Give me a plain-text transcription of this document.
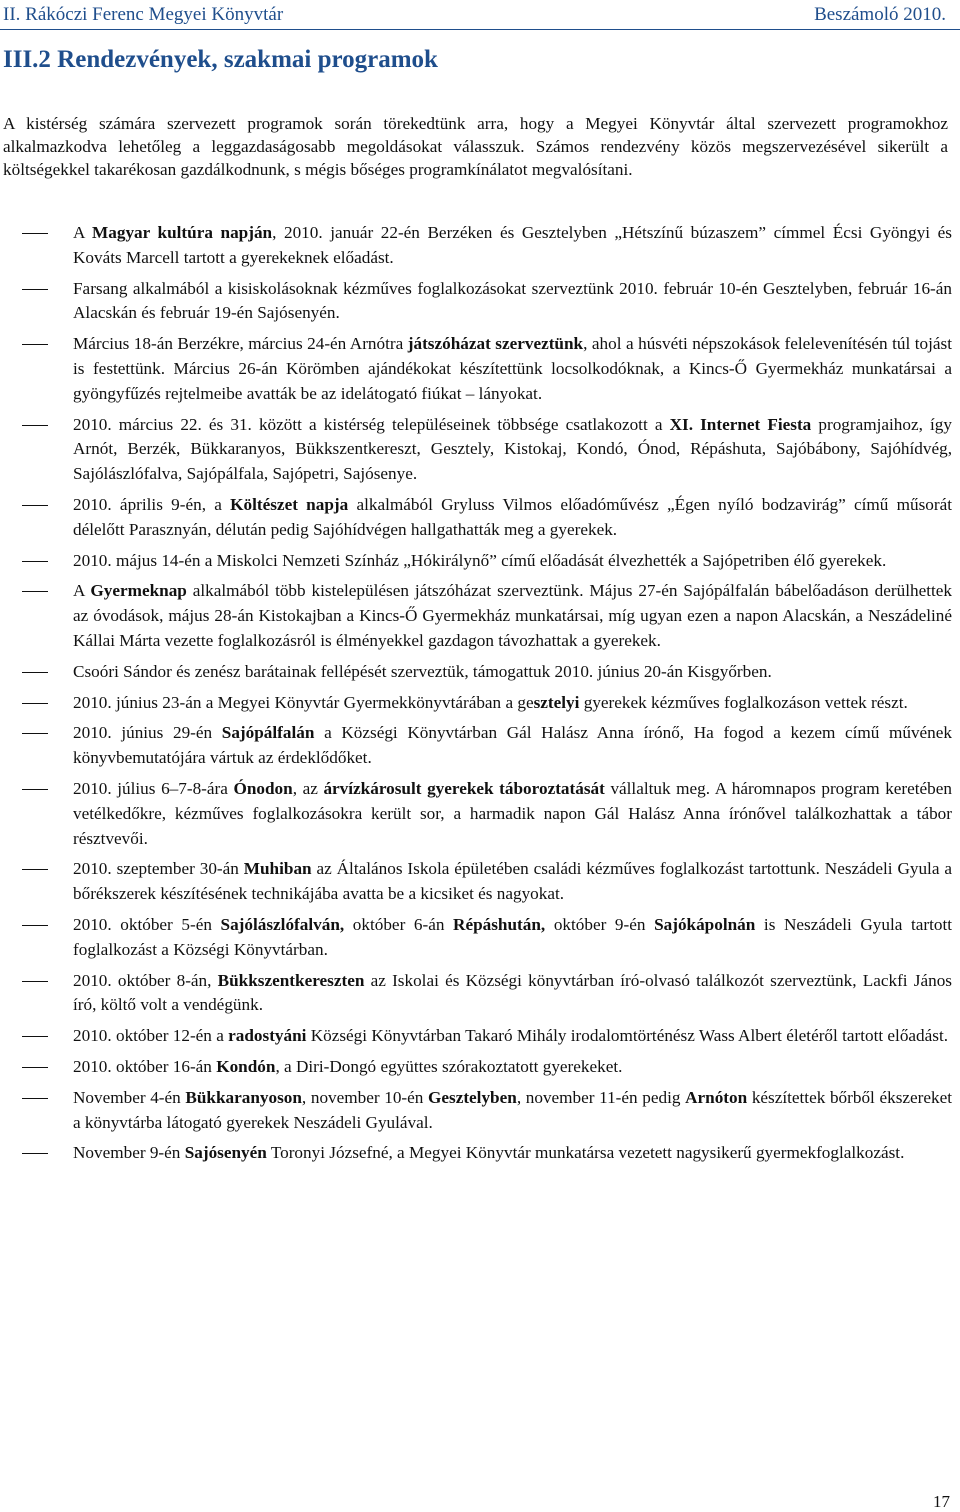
II. Rákóczi Ferenc Megyei Könyvtár	Beszámoló 2010.
III.2 Rendezvények, szakmai programok

A kistérség számára szervezett programok során törekedtünk arra, hogy a Megyei Könyvtár által szervezett programokhoz alkalmazkodva lehetőleg a leggazdaságosabb megoldásokat válasszuk. Számos rendezvény közös megszervezésével sikerült a költségekkel takarékosan gazdálkodnunk, s mégis bőséges programkínálatot megvalósítani.

A Magyar kultúra napján, 2010. január 22-én Berzéken és Gesztelyben „Hétszínű búzaszem” címmel Écsi Gyöngyi és Kováts Marcell tartott a gyerekeknek előadást.
Farsang alkalmából a kisiskolásoknak kézműves foglalkozásokat szerveztünk 2010. február 10-én Gesztelyben, február 16-án Alacskán és február 19-én Sajósenyén.
Március 18-án Berzékre, március 24-én Arnótra játszóházat szerveztünk, ahol a húsvéti népszokások felelevenítésén túl tojást is festettünk. Március 26-án Körömben ajándékokat készítettünk locsolkodóknak, a Kincs-Ő Gyermekház munkatársai a gyöngyfűzés rejtelmeibe avatták be az idelátogató fiúkat – lányokat.
2010. március 22. és 31. között a kistérség településeinek többsége csatlakozott a XI. Internet Fiesta programjaihoz, így Arnót, Berzék, Bükkaranyos, Bükkszentkereszt, Gesztely, Kistokaj, Kondó, Ónod, Répáshuta, Sajóbábony, Sajóhídvég, Sajólászlófalva, Sajópálfala, Sajópetri, Sajósenye.
2010. április 9-én, a Költészet napja alkalmából Gryluss Vilmos előadóművész „Égen nyíló bodzavirág” című műsorát délelőtt Parasznyán, délután pedig Sajóhídvégen hallgathatták meg a gyerekek.
2010. május 14-én a Miskolci Nemzeti Színház „Hókirálynő” című előadását élvezhették a Sajópetriben élő gyerekek.
A Gyermeknap alkalmából több kistelepülésen játszóházat szerveztünk. Május 27-én Sajópálfalán bábelőadáson derülhettek az óvodások, május 28-án Kistokajban a Kincs-Ő Gyermekház munkatársai, míg ugyan ezen a napon Alacskán, a Neszádeliné Kállai Márta vezette foglalkozásról is élményekkel gazdagon távozhattak a gyerekek.
Csoóri Sándor és zenész barátainak fellépését szerveztük, támogattuk 2010. június 20-án Kisgyőrben.
2010. június 23-án a Megyei Könyvtár Gyermekkönyvtárában a gesztelyi gyerekek kézműves foglalkozáson vettek részt.
2010. június 29-én Sajópálfalán a Községi Könyvtárban Gál Halász Anna írónő, Ha fogod a kezem című művének könyvbemutatójára vártuk az érdeklődőket.
2010. július 6–7-8-ára Ónodon, az árvízkárosult gyerekek táboroztatását vállaltuk meg. A háromnapos program keretében vetélkedőkre, kézműves foglalkozásokra került sor, a harmadik napon Gál Halász Anna írónővel találkozhattak a tábor résztvevői.
2010. szeptember 30-án Muhiban az Általános Iskola épületében családi kézműves foglalkozást tartottunk. Neszádeli Gyula a bőrékszerek készítésének technikájába avatta be a kicsiket és nagyokat.
2010. október 5-én Sajólászlófalván, október 6-án Répáshután, október 9-én Sajókápolnán is Neszádeli Gyula tartott foglalkozást a Községi Könyvtárban.
2010. október 8-án, Bükkszentkereszten az Iskolai és Községi könyvtárban író-olvasó találkozót szerveztünk, Lackfi János író, költő volt a vendégünk.
2010. október 12-én a radostyáni Községi Könyvtárban Takaró Mihály irodalomtörténész Wass Albert életéről tartott előadást.
2010. október 16-án Kondón, a Diri-Dongó együttes szórakoztatott gyerekeket.
November 4-én Bükkaranyoson, november 10-én Gesztelyben, november 11-én pedig Arnóton készítettek bőrből ékszereket a könyvtárba látogató gyerekek Neszádeli Gyulával.
November 9-én Sajósenyén Toronyi Józsefné, a Megyei Könyvtár munkatársa vezetett nagysikerű gyermekfoglalkozást.
17
